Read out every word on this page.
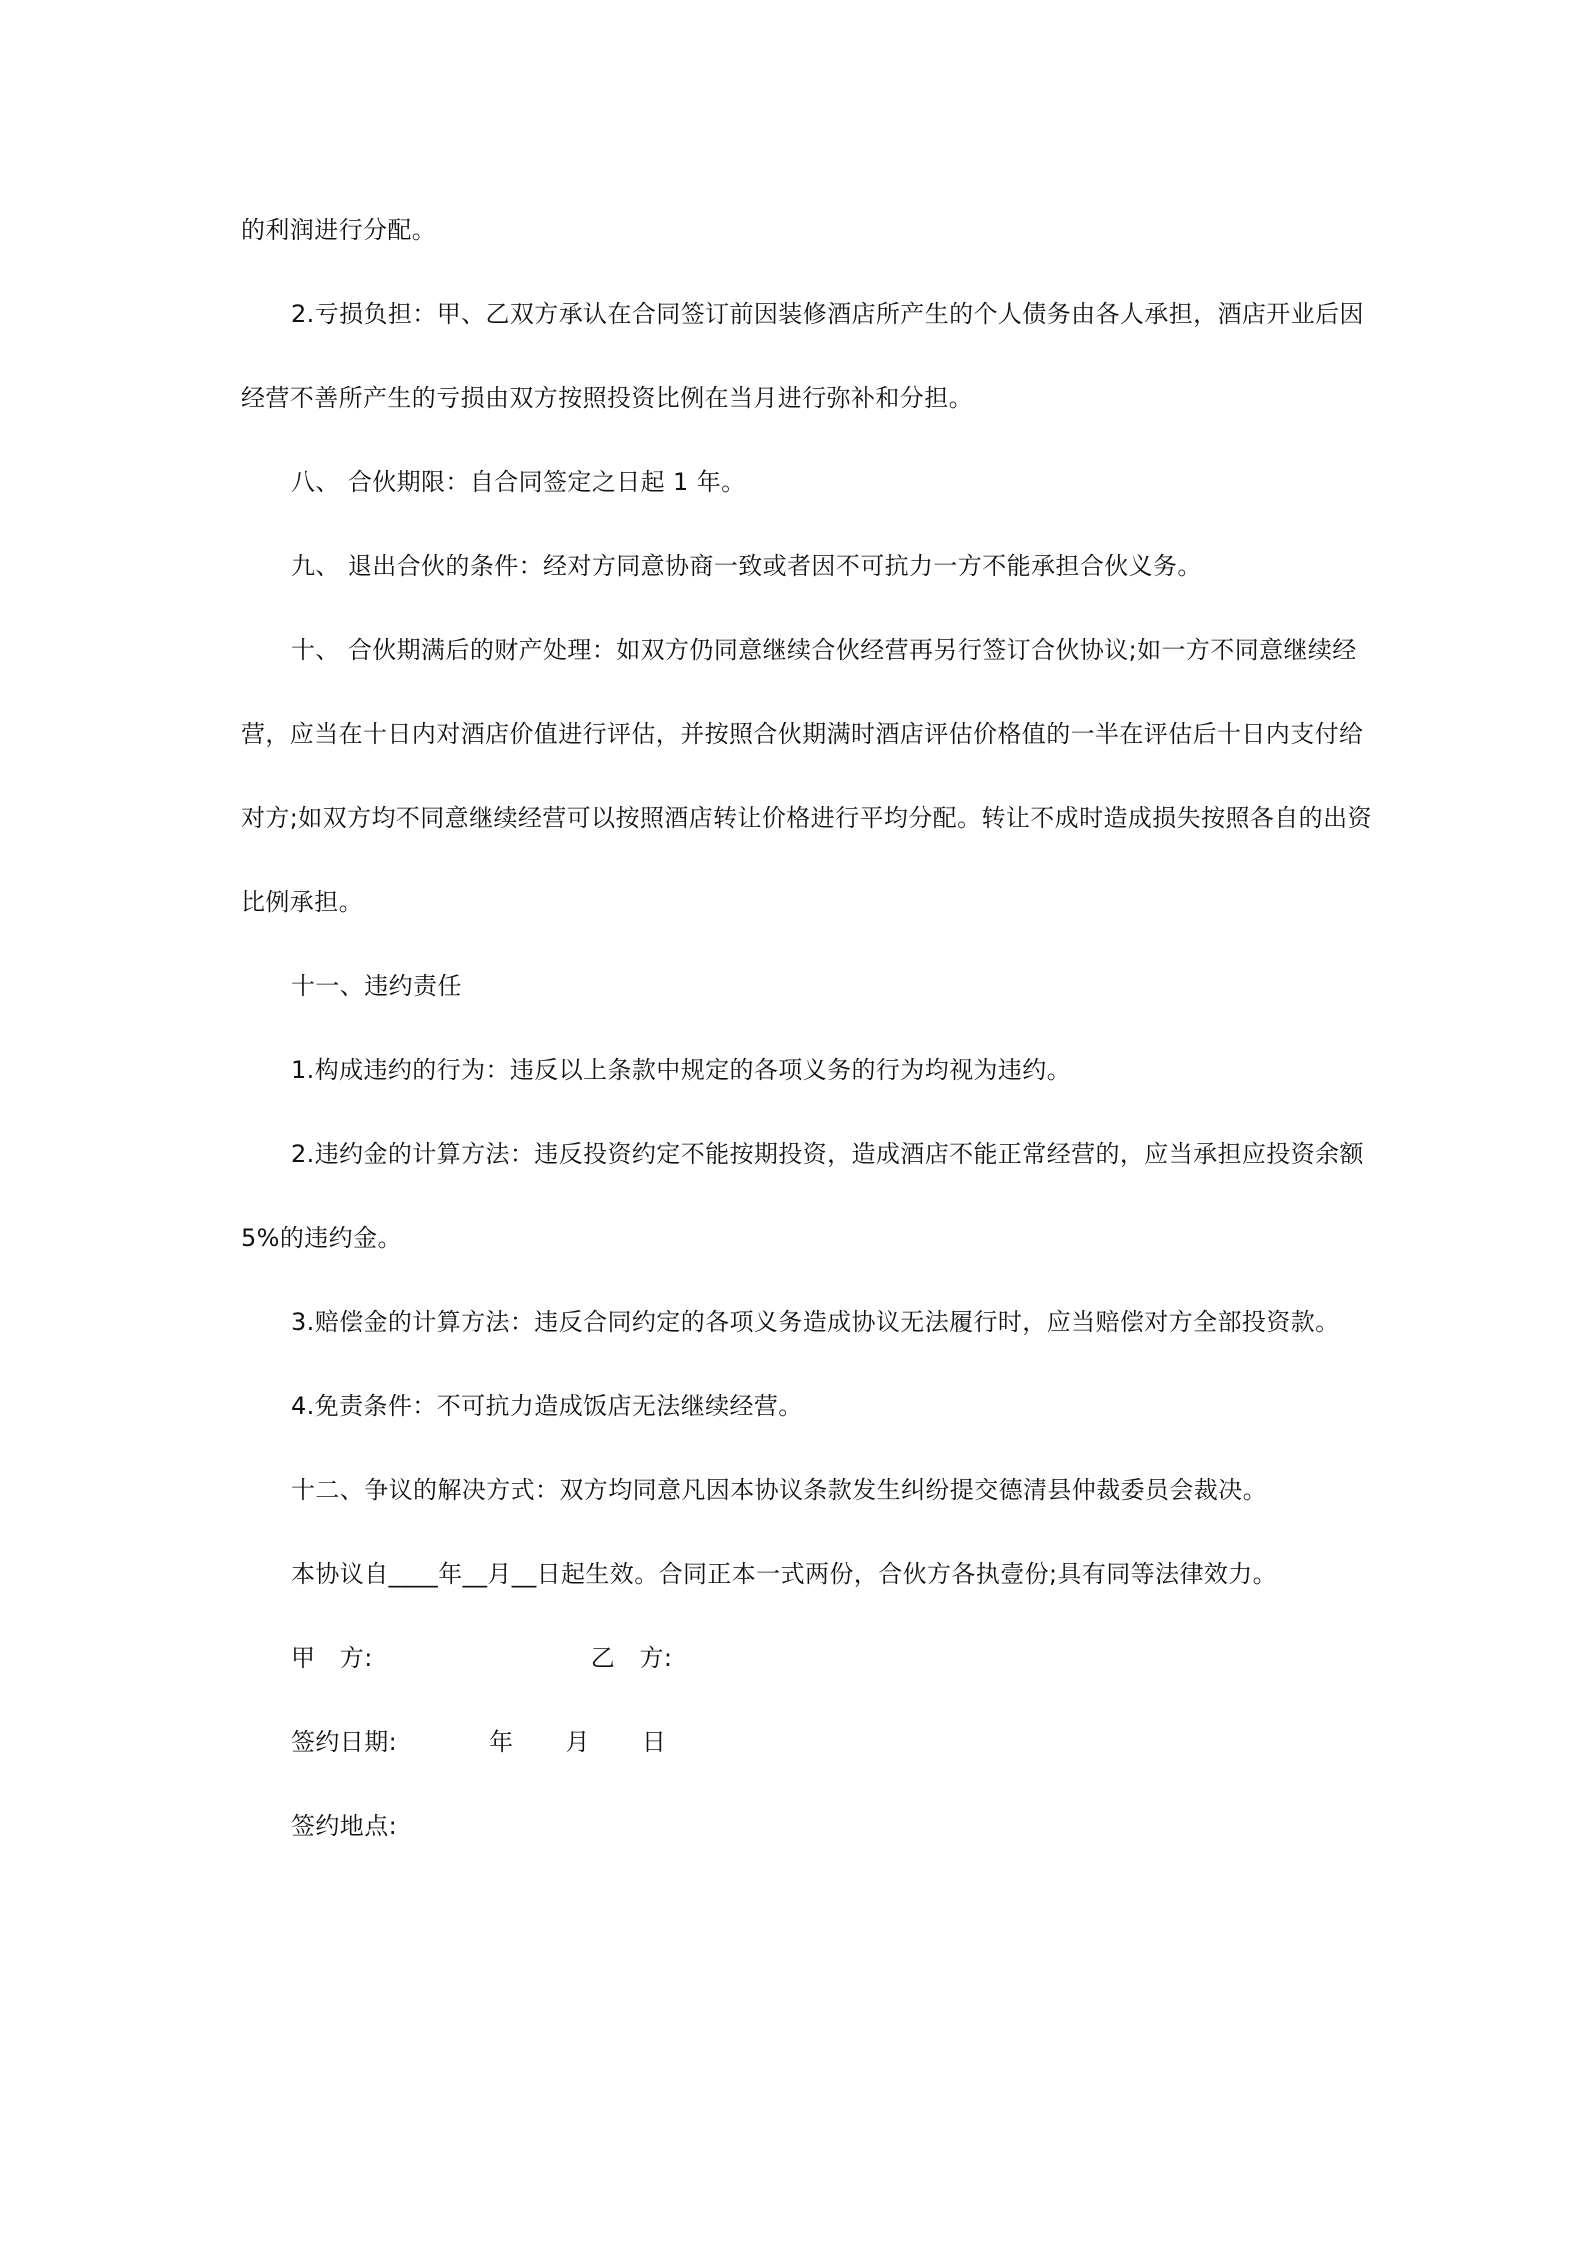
的利润进行分配。
2.亏损负担：甲、乙双方承认在合同签订前因装修酒店所产生的个人债务由各人承担，酒店开业后因
经营不善所产生的亏损由双方按照投资比例在当月进行弥补和分担。
八、 合伙期限：自合同签定之日起 1 年。
九、 退出合伙的条件：经对方同意协商一致或者因不可抗力一方不能承担合伙义务。
十、 合伙期满后的财产处理：如双方仍同意继续合伙经营再另行签订合伙协议;如一方不同意继续经
营，应当在十日内对酒店价值进行评估，并按照合伙期满时酒店评估价格值的一半在评估后十日内支付给
对方;如双方均不同意继续经营可以按照酒店转让价格进行平均分配。转让不成时造成损失按照各自的出资
比例承担。
十一、违约责任
1.构成违约的行为：违反以上条款中规定的各项义务的行为均视为违约。
2.违约金的计算方法：违反投资约定不能按期投资，造成酒店不能正常经营的，应当承担应投资余额
5%的违约金。
3.赔偿金的计算方法：违反合同约定的各项义务造成协议无法履行时，应当赔偿对方全部投资款。
4.免责条件：不可抗力造成饭店无法继续经营。
十二、争议的解决方式：双方均同意凡因本协议条款发生纠纷提交德清县仲裁委员会裁决。
本协议自____年__月__日起生效。合同正本一式两份，合伙方各执壹份;具有同等法律效力。
甲　方:	乙　方:
签约日期:	年 月 日
签约地点:
